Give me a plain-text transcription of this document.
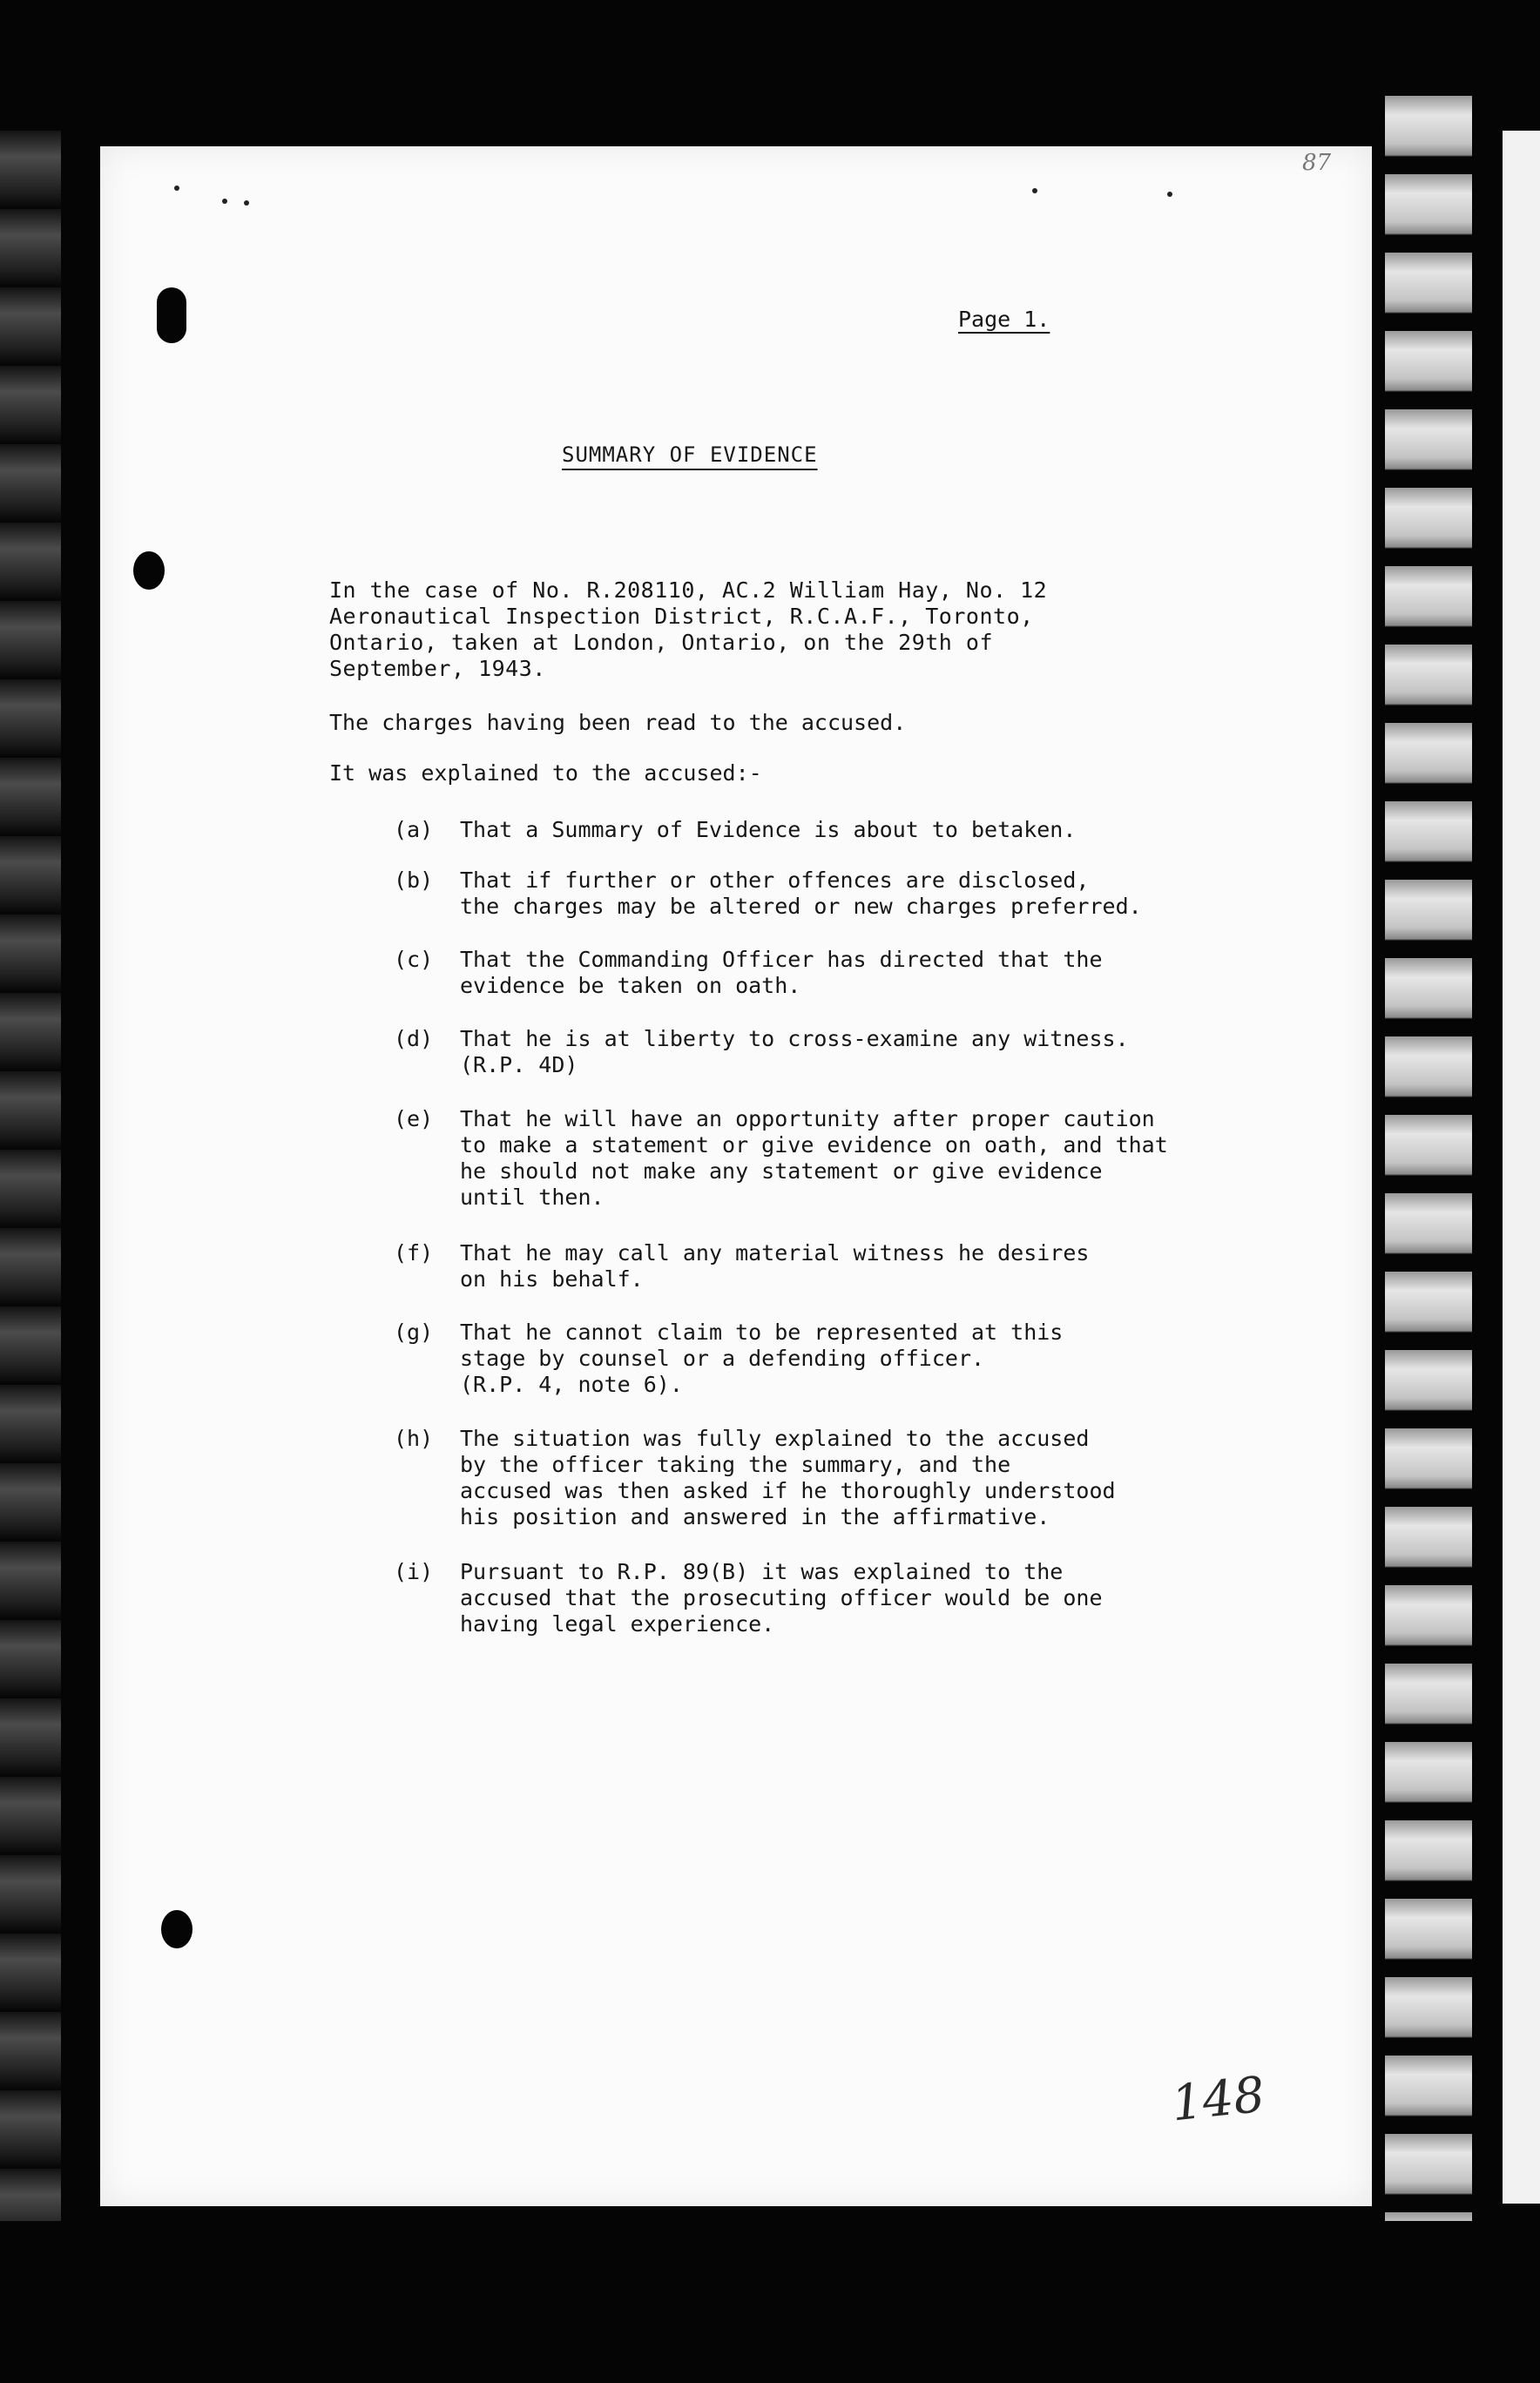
87
Page 1.
SUMMARY OF EVIDENCE
In the case of No. R.208110, AC.2 William Hay, No. 12
Aeronautical Inspection District, R.C.A.F., Toronto,
Ontario, taken at London, Ontario, on the 29th of
September, 1943.
The charges having been read to the accused.
It was explained to the accused:-
(a) That a Summary of Evidence is about to betaken.
(b) That if further or other offences are disclosed,
the charges may be altered or new charges preferred.
(c) That the Commanding Officer has directed that the
evidence be taken on oath.
(d) That he is at liberty to cross-examine any witness.
(R.P. 4D)
(e) That he will have an opportunity after proper caution
to make a statement or give evidence on oath, and that
he should not make any statement or give evidence
until then.
(f) That he may call any material witness he desires
on his behalf.
(g) That he cannot claim to be represented at this
stage by counsel or a defending officer.
(R.P. 4, note 6).
(h) The situation was fully explained to the accused
by the officer taking the summary, and the
accused was then asked if he thoroughly understood
his position and answered in the affirmative.
(i) Pursuant to R.P. 89(B) it was explained to the
accused that the prosecuting officer would be one
having legal experience.
148
